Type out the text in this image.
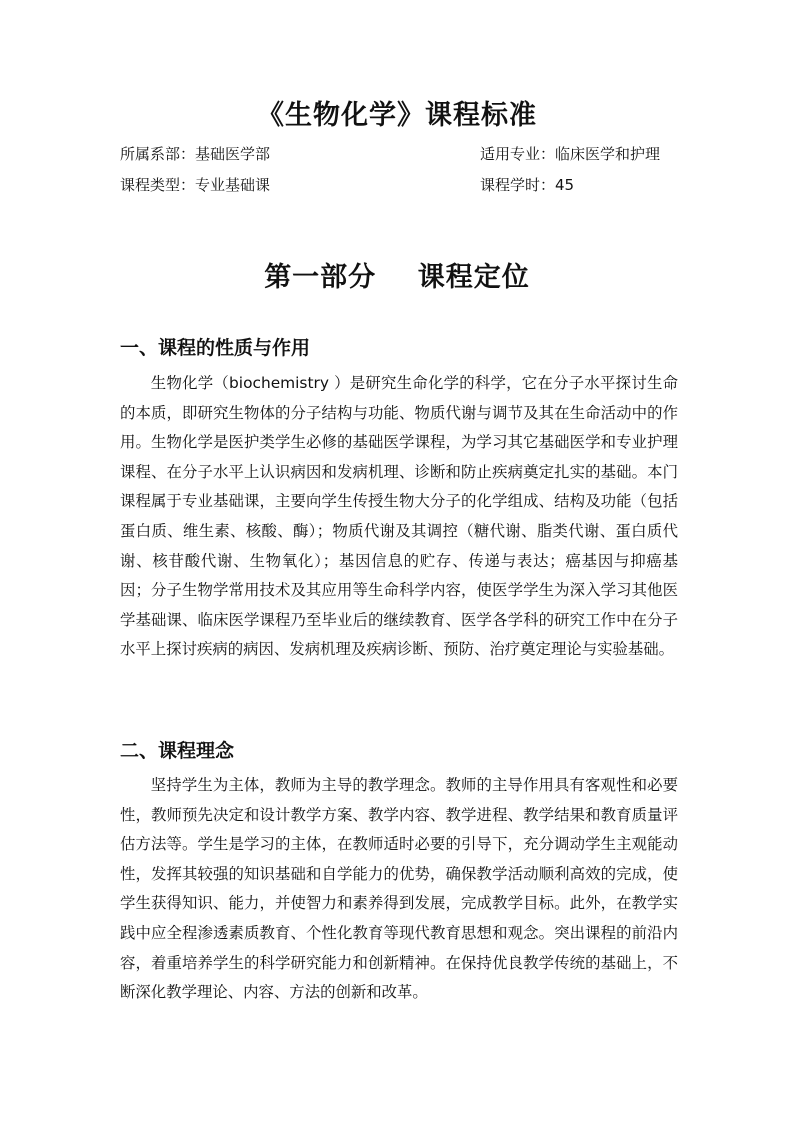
《生物化学》课程标准
所属系部：基础医学部	适用专业：临床医学和护理
课程类型：专业基础课	课程学时：45
第一部分    课程定位
一、课程的性质与作用
生物化学（biochemistry ）是研究生命化学的科学，它在分子水平探讨生命的本质，即研究生物体的分子结构与功能、物质代谢与调节及其在生命活动中的作用。生物化学是医护类学生必修的基础医学课程，为学习其它基础医学和专业护理课程、在分子水平上认识病因和发病机理、诊断和防止疾病奠定扎实的基础。本门课程属于专业基础课，主要向学生传授生物大分子的化学组成、结构及功能（包括蛋白质、维生素、核酸、酶）；物质代谢及其调控（糖代谢、脂类代谢、蛋白质代谢、核苷酸代谢、生物氧化）；基因信息的贮存、传递与表达；癌基因与抑癌基因；分子生物学常用技术及其应用等生命科学内容，使医学学生为深入学习其他医学基础课、临床医学课程乃至毕业后的继续教育、医学各学科的研究工作中在分子水平上探讨疾病的病因、发病机理及疾病诊断、预防、治疗奠定理论与实验基础。
二、课程理念
坚持学生为主体，教师为主导的教学理念。教师的主导作用具有客观性和必要性，教师预先决定和设计教学方案、教学内容、教学进程、教学结果和教育质量评估方法等。学生是学习的主体，在教师适时必要的引导下，充分调动学生主观能动性，发挥其较强的知识基础和自学能力的优势，确保教学活动顺利高效的完成，使学生获得知识、能力，并使智力和素养得到发展，完成教学目标。此外，在教学实践中应全程渗透素质教育、个性化教育等现代教育思想和观念。突出课程的前沿内容，着重培养学生的科学研究能力和创新精神。在保持优良教学传统的基础上，不断深化教学理论、内容、方法的创新和改革。
